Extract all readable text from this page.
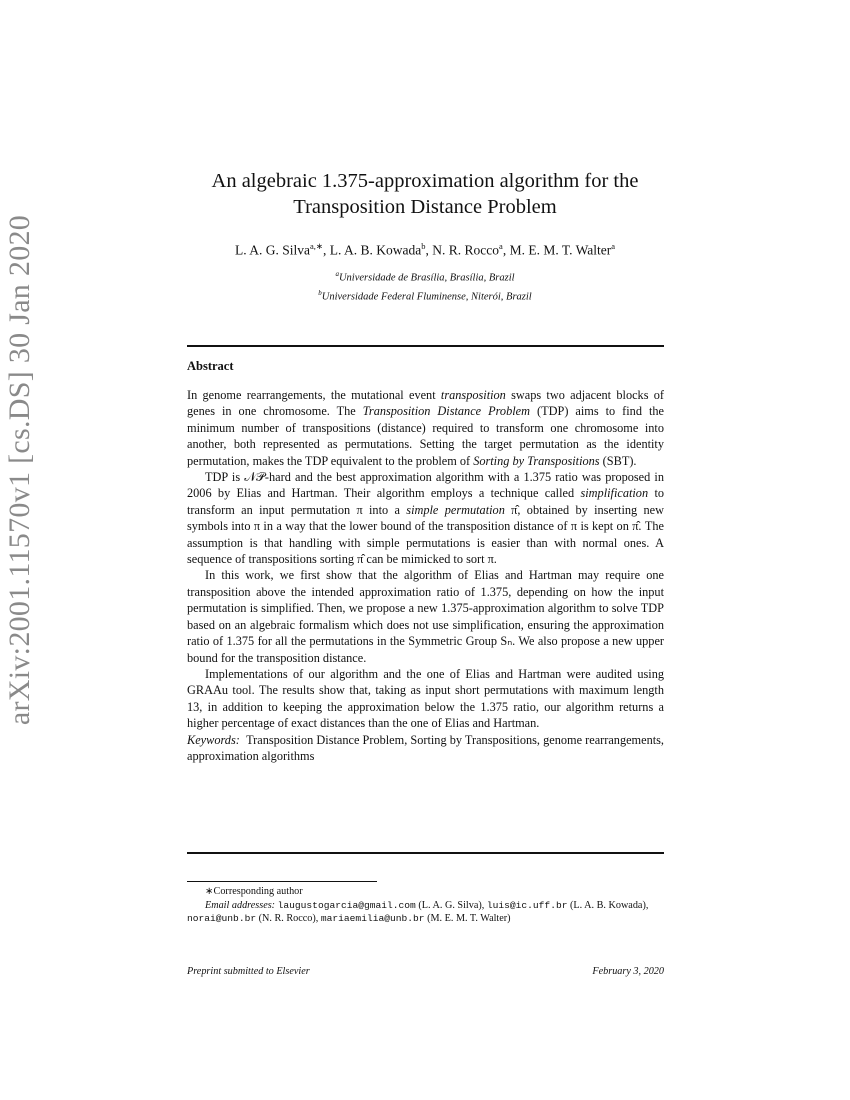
arXiv:2001.11570v1 [cs.DS] 30 Jan 2020
An algebraic 1.375-approximation algorithm for the
Transposition Distance Problem
L. A. G. Silva$^{a,∗}$, L. A. B. Kowada$^b$, N. R. Rocco$^a$, M. E. M. T. Walter$^a$
$^a$Universidade de Brasília, Brasília, Brazil
$^b$Universidade Federal Fluminense, Niterói, Brazil
Abstract

In genome rearrangements, the mutational event transposition swaps two adjacent blocks of genes in one chromosome. The Transposition Distance Problem (TDP) aims to find the minimum number of transpositions (distance) required to transform one chromosome into another, both represented as permutations. Setting the target permutation as the identity permutation, makes the TDP equivalent to the problem of Sorting by Transpositions (SBT).

TDP is 𝒩𝒫-hard and the best approximation algorithm with a 1.375 ratio was proposed in 2006 by Elias and Hartman. Their algorithm employs a technique called simplification to transform an input permutation π into a simple permutation π̂, obtained by inserting new symbols into π in a way that the lower bound of the transposition distance of π is kept on π̂. The assumption is that handling with simple permutations is easier than with normal ones. A sequence of transpositions sorting π̂ can be mimicked to sort π.

In this work, we first show that the algorithm of Elias and Hartman may require one transposition above the intended approximation ratio of 1.375, depending on how the input permutation is simplified. Then, we propose a new 1.375-approximation algorithm to solve TDP based on an algebraic formalism which does not use simplification, ensuring the approximation ratio of 1.375 for all the permutations in the Symmetric Group Sₙ. We also propose a new upper bound for the transposition distance.

Implementations of our algorithm and the one of Elias and Hartman were audited using GRAAu tool. The results show that, taking as input short permutations with maximum length 13, in addition to keeping the approximation below the 1.375 ratio, our algorithm returns a higher percentage of exact distances than the one of Elias and Hartman.

Keywords: Transposition Distance Problem, Sorting by Transpositions, genome rearrangements, approximation algorithms

∗Corresponding author
Email addresses: laugustogarcia@gmail.com (L. A. G. Silva), luis@ic.uff.br (L. A. B. Kowada), norai@unb.br (N. R. Rocco), mariaemilia@unb.br (M. E. M. T. Walter)
Preprint submitted to Elsevier	February 3, 2020
